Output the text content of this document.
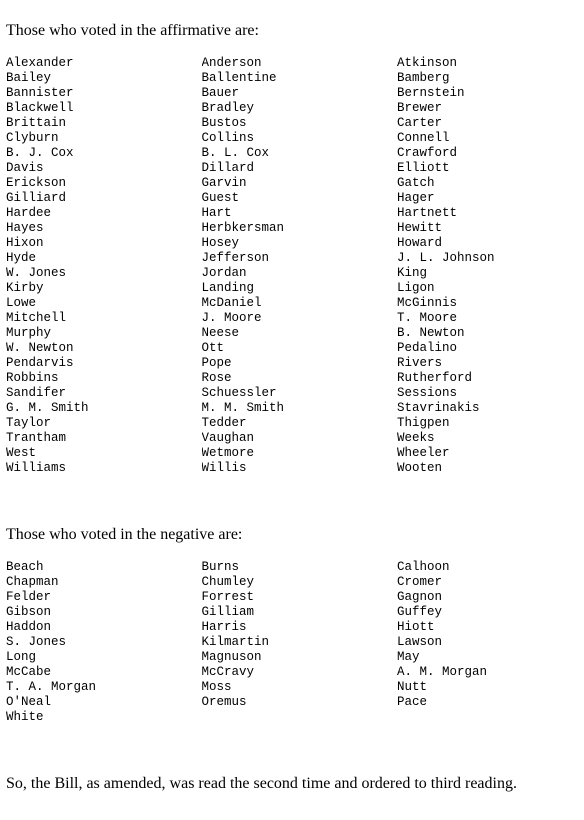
Those who voted in the affirmative are:
Alexander	Anderson	Atkinson
Bailey	Ballentine	Bamberg
Bannister	Bauer	Bernstein
Blackwell	Bradley	Brewer
Brittain	Bustos	Carter
Clyburn	Collins	Connell
B. J. Cox	B. L. Cox	Crawford
Davis	Dillard	Elliott
Erickson	Garvin	Gatch
Gilliard	Guest	Hager
Hardee	Hart	Hartnett
Hayes	Herbkersman	Hewitt
Hixon	Hosey	Howard
Hyde	Jefferson	J. L. Johnson
W. Jones	Jordan	King
Kirby	Landing	Ligon
Lowe	McDaniel	McGinnis
Mitchell	J. Moore	T. Moore
Murphy	Neese	B. Newton
W. Newton	Ott	Pedalino
Pendarvis	Pope	Rivers
Robbins	Rose	Rutherford
Sandifer	Schuessler	Sessions
G. M. Smith	M. M. Smith	Stavrinakis
Taylor	Tedder	Thigpen
Trantham	Vaughan	Weeks
West	Wetmore	Wheeler
Williams	Willis	Wooten
Those who voted in the negative are:
Beach	Burns	Calhoon
Chapman	Chumley	Cromer
Felder	Forrest	Gagnon
Gibson	Gilliam	Guffey
Haddon	Harris	Hiott
S. Jones	Kilmartin	Lawson
Long	Magnuson	May
McCabe	McCravy	A. M. Morgan
T. A. Morgan	Moss	Nutt
O'Neal	Oremus	Pace
White
So, the Bill, as amended, was read the second time and ordered to third reading.
